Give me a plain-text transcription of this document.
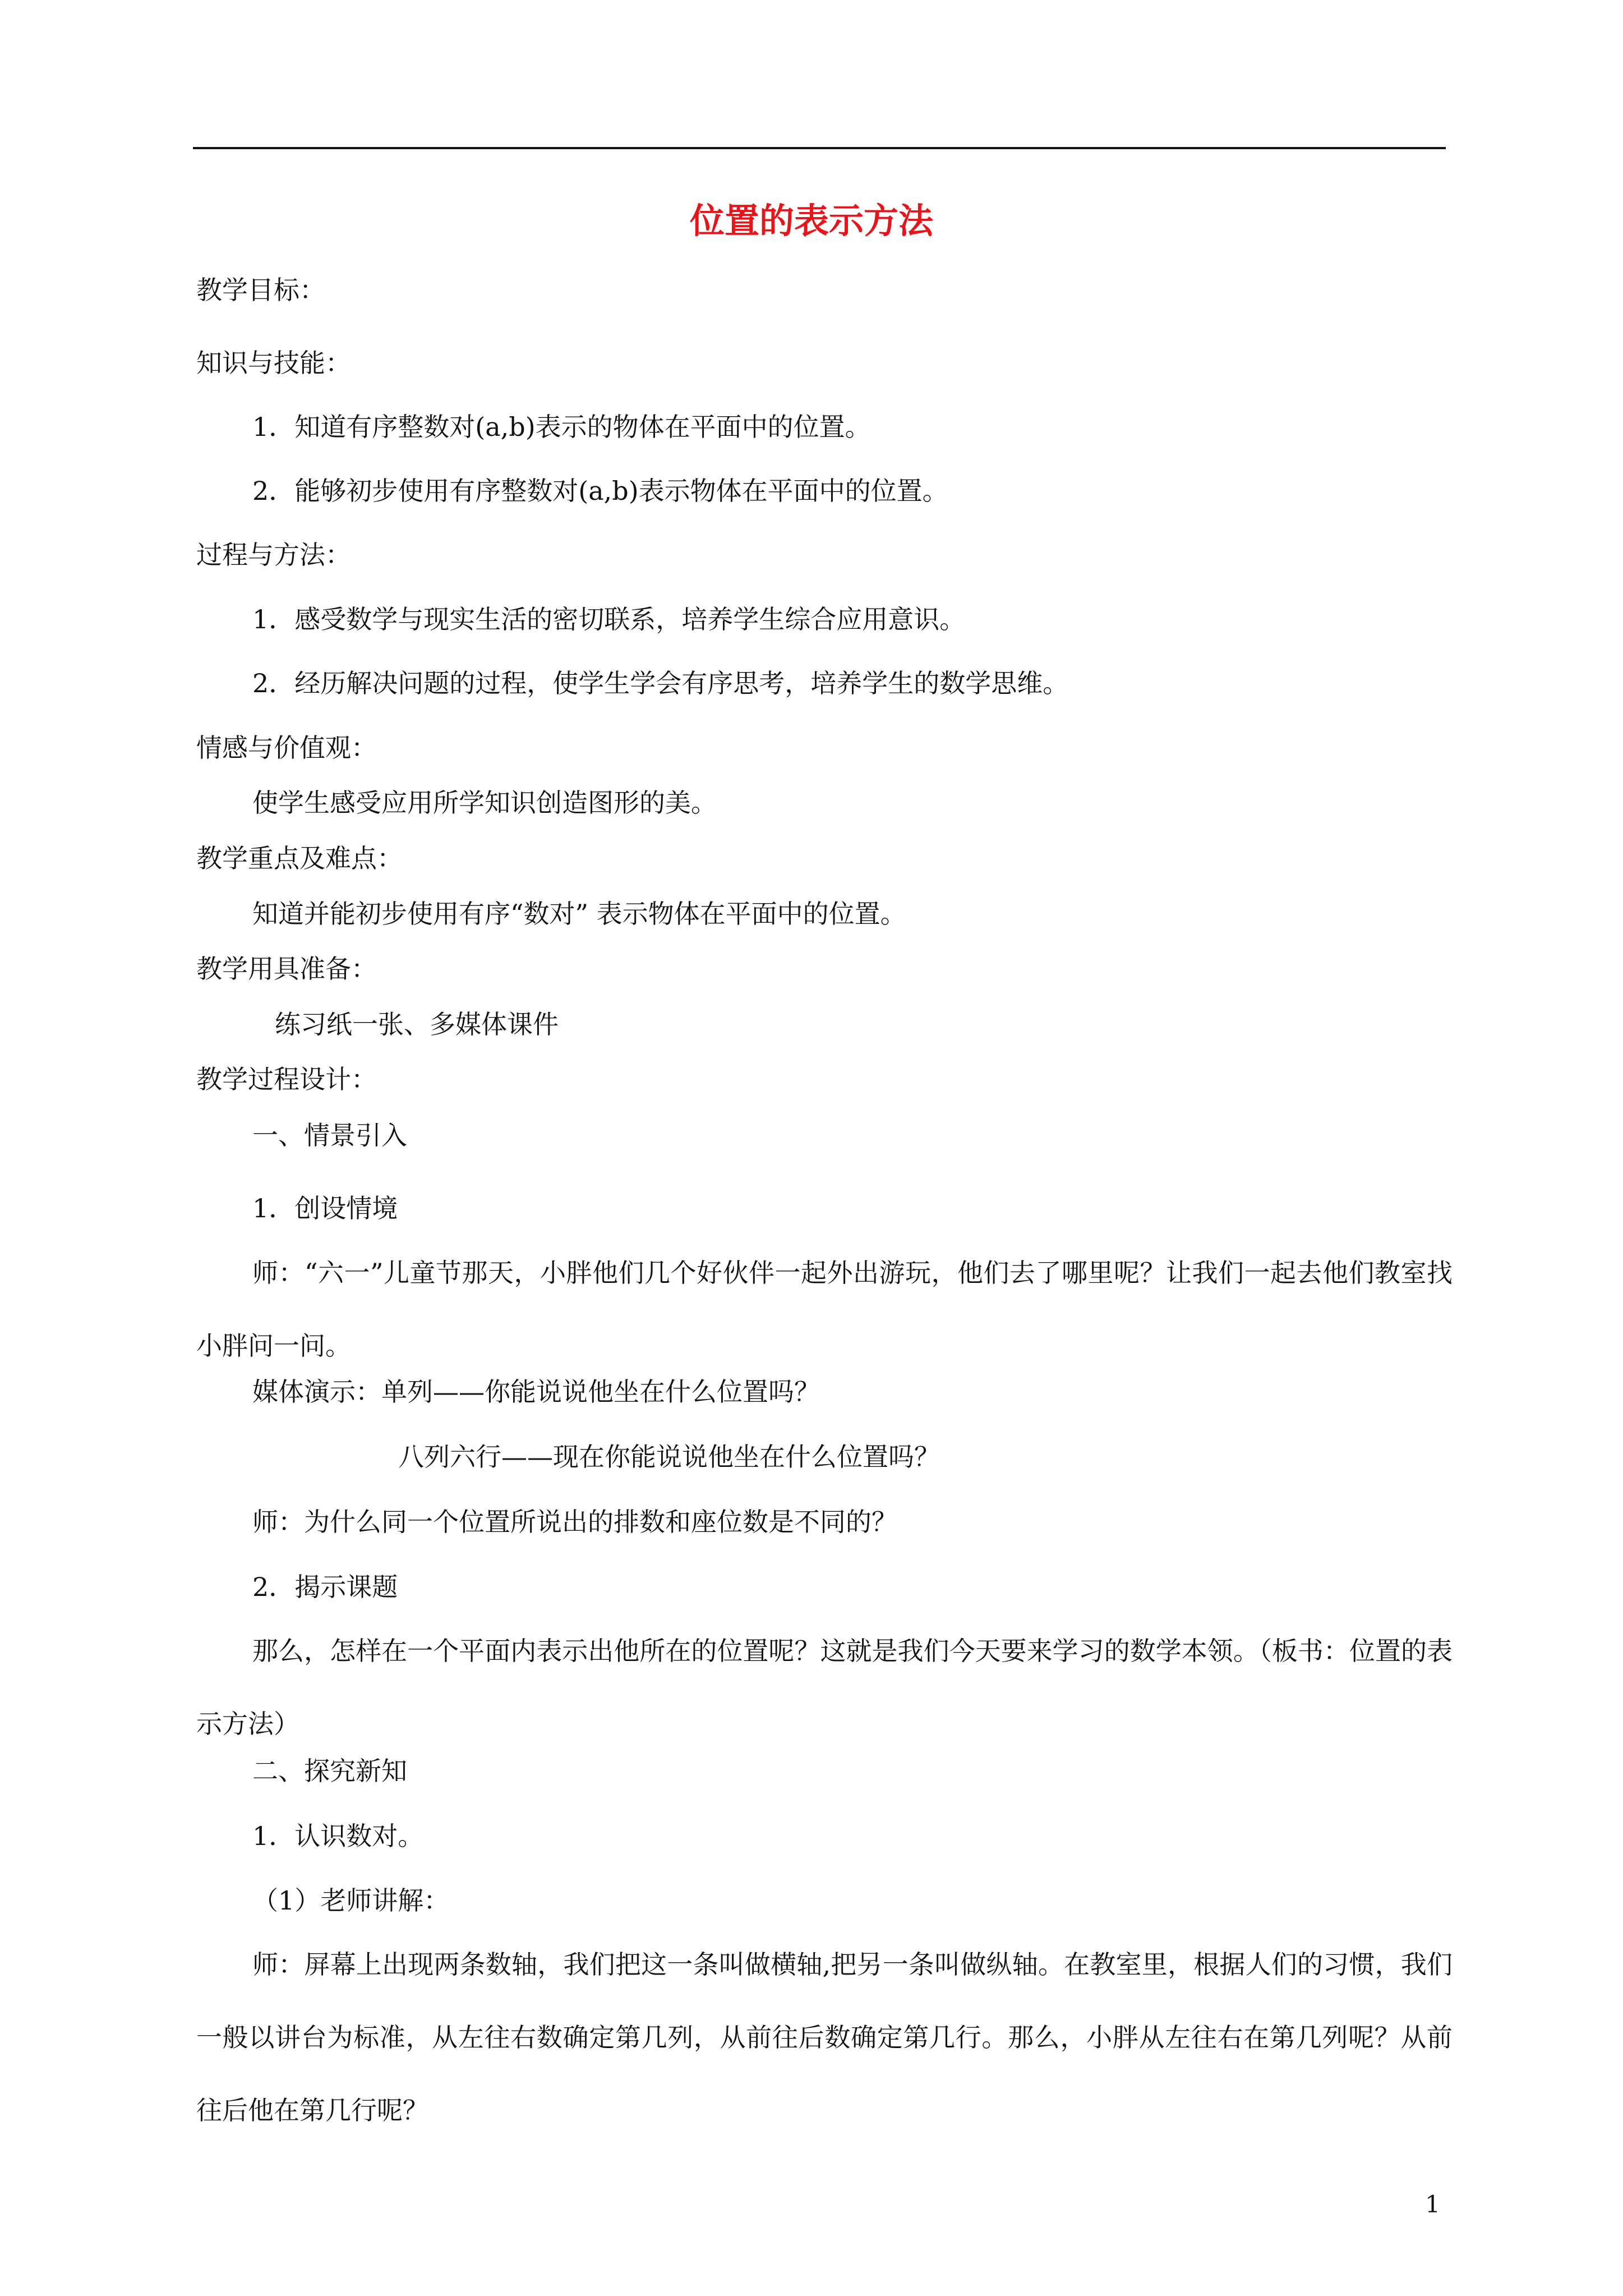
位置的表示方法

教学目标：

知识与技能：

1．知道有序整数对(a,b)表示的物体在平面中的位置。

2．能够初步使用有序整数对(a,b)表示物体在平面中的位置。

过程与方法：

1．感受数学与现实生活的密切联系，培养学生综合应用意识。

2．经历解决问题的过程，使学生学会有序思考，培养学生的数学思维。

情感与价值观：

使学生感受应用所学知识创造图形的美。

教学重点及难点：

知道并能初步使用有序“数对” 表示物体在平面中的位置。

教学用具准备：

练习纸一张、多媒体课件

教学过程设计：

一、情景引入

1．创设情境

师：“六一”儿童节那天，小胖他们几个好伙伴一起外出游玩，他们去了哪里呢？让我们一起去他们教室找小胖问一问。

媒体演示：单列——你能说说他坐在什么位置吗？

八列六行——现在你能说说他坐在什么位置吗？

师：为什么同一个位置所说出的排数和座位数是不同的？

2．揭示课题

那么，怎样在一个平面内表示出他所在的位置呢？这就是我们今天要来学习的数学本领。（板书：位置的表示方法）

二、探究新知

1．认识数对。

（1）老师讲解：

师：屏幕上出现两条数轴，我们把这一条叫做横轴,把另一条叫做纵轴。在教室里，根据人们的习惯，我们一般以讲台为标准，从左往右数确定第几列，从前往后数确定第几行。那么，小胖从左往右在第几列呢？从前往后他在第几行呢？

1
